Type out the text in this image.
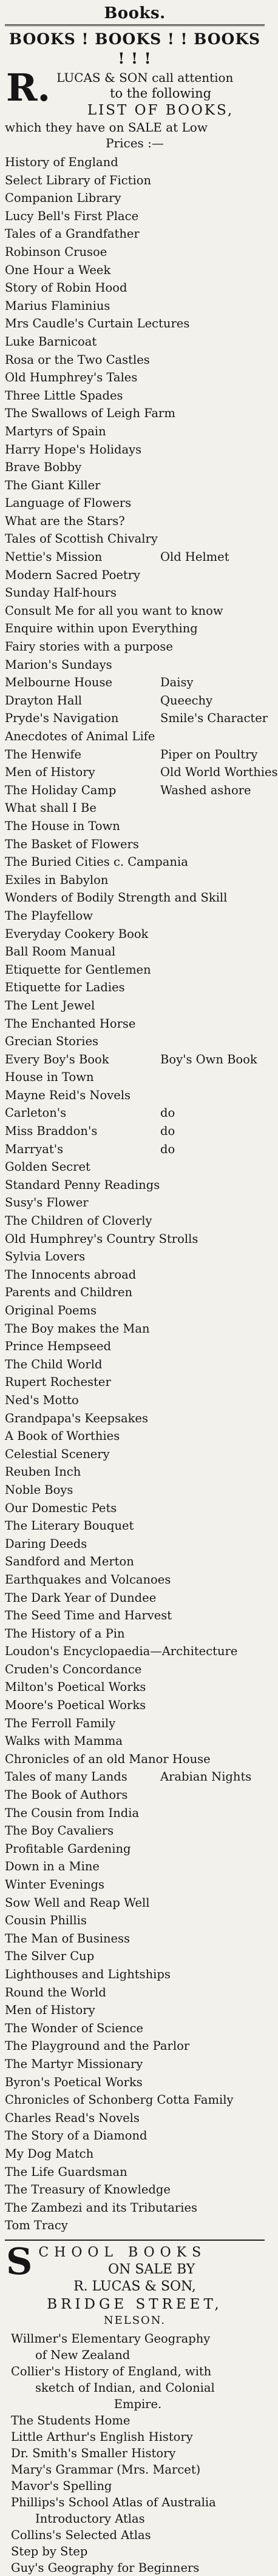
Books.
BOOKS ! BOOKS ! ! BOOKS ! ! !
R. LUCAS & SON call attention
to the following
LIST OF BOOKS,
which they have on SALE at Low
Prices :—
History of England
Select Library of Fiction
Companion Library
Lucy Bell's First Place
Tales of a Grandfather
Robinson Crusoe
One Hour a Week
Story of Robin Hood
Marius Flaminius
Mrs Caudle's Curtain Lectures
Luke Barnicoat
Rosa or the Two Castles
Old Humphrey's Tales
Three Little Spades
The Swallows of Leigh Farm
Martyrs of Spain
Harry Hope's Holidays
Brave Bobby
The Giant Killer
Language of Flowers
What are the Stars?
Tales of Scottish Chivalry
Nettie's Mission	Old Helmet
Modern Sacred Poetry
Sunday Half-hours
Consult Me for all you want to know
Enquire within upon Everything
Fairy stories with a purpose
Marion's Sundays
Melbourne House	Daisy
Drayton Hall	Queechy
Pryde's Navigation	Smile's Character
Anecdotes of Animal Life
The Henwife	Piper on Poultry
Men of History	Old World Worthies
The Holiday Camp	Washed ashore
What shall I Be
The House in Town
The Basket of Flowers
The Buried Cities c. Campania
Exiles in Babylon
Wonders of Bodily Strength and Skill
The Playfellow
Everyday Cookery Book
Ball Room Manual
Etiquette for Gentlemen
Etiquette for Ladies
The Lent Jewel
The Enchanted Horse
Grecian Stories
Every Boy's Book	Boy's Own Book
House in Town
Mayne Reid's Novels
Carleton's	do
Miss Braddon's	do
Marryat's	do
Golden Secret
Standard Penny Readings
Susy's Flower
The Children of Cloverly
Old Humphrey's Country Strolls
Sylvia Lovers
The Innocents abroad
Parents and Children
Original Poems
The Boy makes the Man
Prince Hempseed
The Child World
Rupert Rochester
Ned's Motto
Grandpapa's Keepsakes
A Book of Worthies
Celestial Scenery
Reuben Inch
Noble Boys
Our Domestic Pets
The Literary Bouquet
Daring Deeds
Sandford and Merton
Earthquakes and Volcanoes
The Dark Year of Dundee
The Seed Time and Harvest
The History of a Pin
Loudon's Encyclopaedia—Architecture
Cruden's Concordance
Milton's Poetical Works
Moore's Poetical Works
The Ferroll Family
Walks with Mamma
Chronicles of an old Manor House
Tales of many Lands	Arabian Nights
The Book of Authors
The Cousin from India
The Boy Cavaliers
Profitable Gardening
Down in a Mine
Winter Evenings
Sow Well and Reap Well
Cousin Phillis
The Man of Business
The Silver Cup
Lighthouses and Lightships
Round the World
Men of History
The Wonder of Science
The Playground and the Parlor
The Martyr Missionary
Byron's Poetical Works
Chronicles of Schonberg Cotta Family
Charles Read's Novels
The Story of a Diamond
My Dog Match
The Life Guardsman
The Treasury of Knowledge
The Zambezi and its Tributaries
Tom Tracy
S CHOOL BOOKS
ON SALE BY
R. LUCAS & SON,
BRIDGE STREET,
NELSON.
Willmer's Elementary Geography
of New Zealand
Collier's History of England, with
sketch of Indian, and Colonial
Empire.
The Students Home
Little Arthur's English History
Dr. Smith's Smaller History
Mary's Grammar (Mrs. Marcet)
Mavor's Spelling
Phillips's School Atlas of Australia
Introductory Atlas
Collins's Selected Atlas
Step by Step
Guy's Geography for Beginners
